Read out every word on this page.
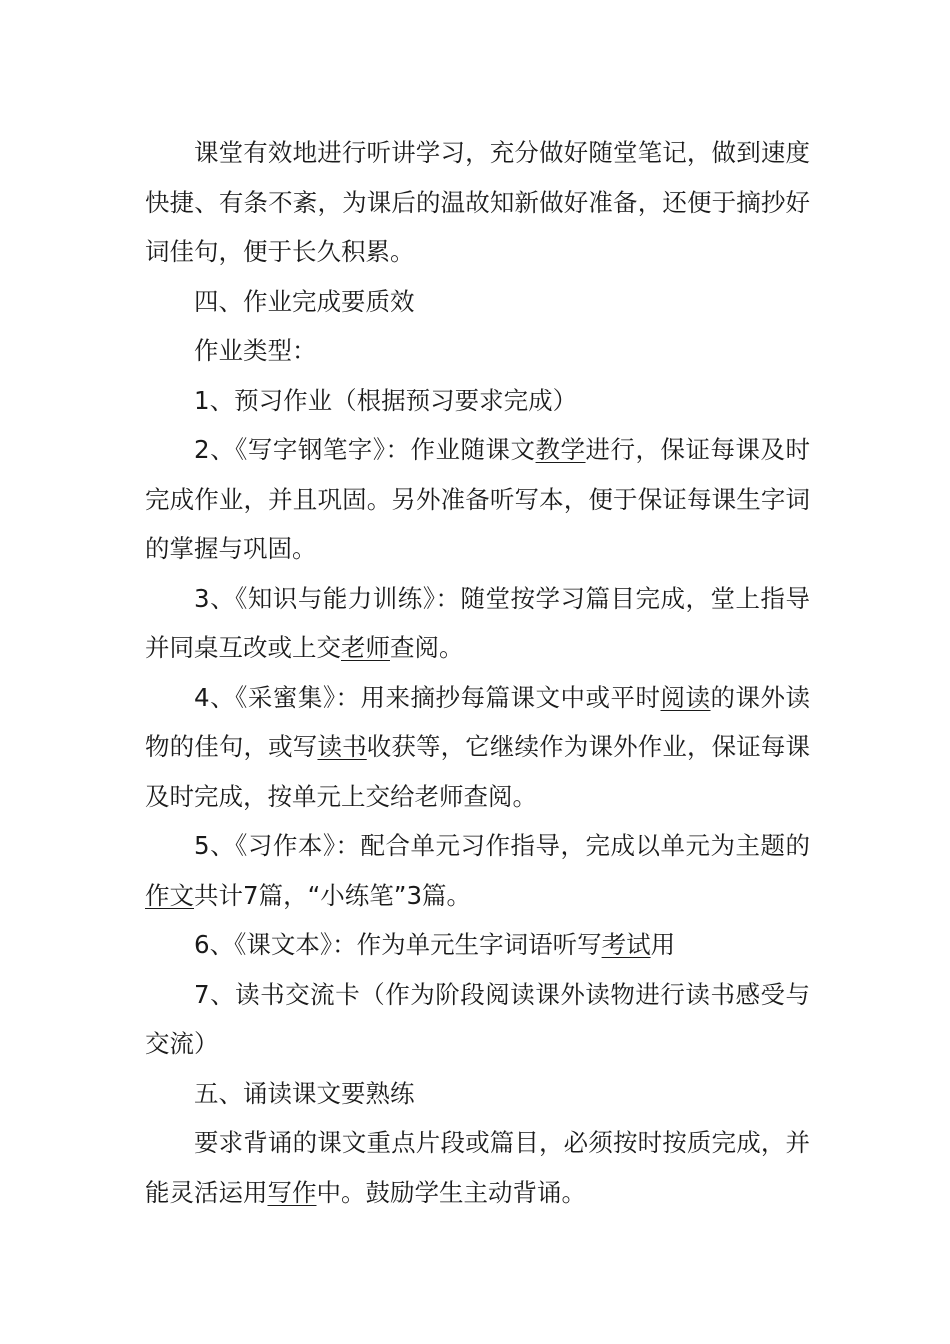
课堂有效地进行听讲学习，充分做好随堂笔记，做到速度快捷、有条不紊，为课后的温故知新做好准备，还便于摘抄好词佳句，便于长久积累。

四、作业完成要质效

作业类型：

1、预习作业（根据预习要求完成）

2、《写字钢笔字》：作业随课文教学进行，保证每课及时完成作业，并且巩固。另外准备听写本，便于保证每课生字词的掌握与巩固。

3、《知识与能力训练》：随堂按学习篇目完成，堂上指导并同桌互改或上交老师查阅。

4、《采蜜集》：用来摘抄每篇课文中或平时阅读的课外读物的佳句，或写读书收获等，它继续作为课外作业，保证每课及时完成，按单元上交给老师查阅。

5、《习作本》：配合单元习作指导，完成以单元为主题的作文共计7篇，“小练笔”3篇。

6、《课文本》：作为单元生字词语听写考试用

7、读书交流卡（作为阶段阅读课外读物进行读书感受与交流）

五、诵读课文要熟练

要求背诵的课文重点片段或篇目，必须按时按质完成，并能灵活运用写作中。鼓励学生主动背诵。
